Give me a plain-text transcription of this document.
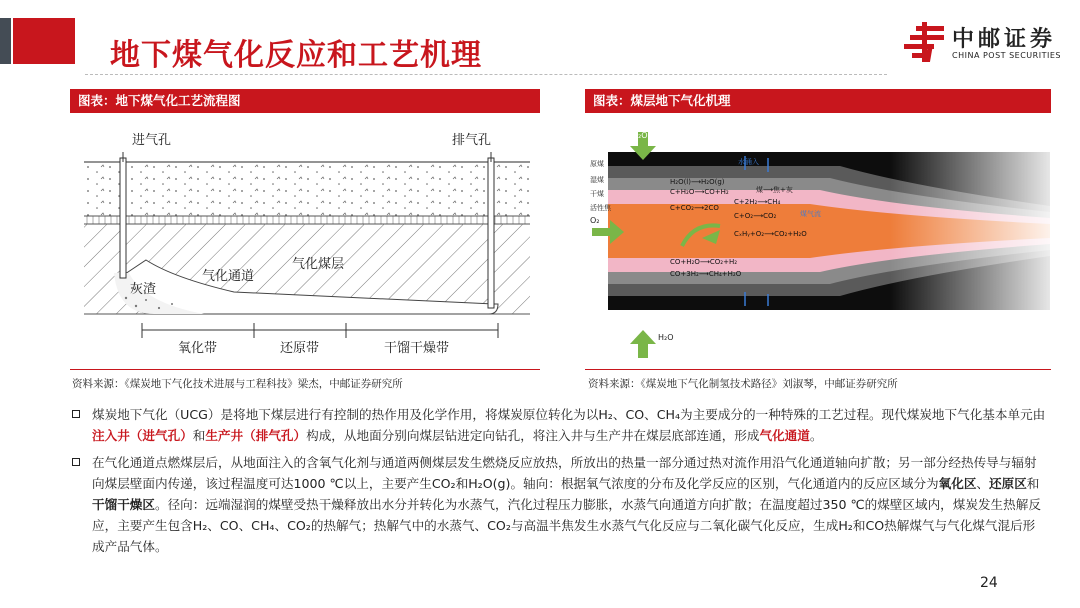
地下煤气化反应和工艺机理	中邮证券
CHINA POST SECURITIES
图表：地下煤气化工艺流程图
进气孔	排气孔
灰渣
气化通道
气化煤层
氧化带	还原带	干馏干燥带
资料来源：《煤炭地下气化技术进展与工程科技》梁杰，中邮证券研究所
图表：煤层地下气化机理
H₂O
H₂O
O₂
原煤
湿煤
干煤
活性焦
水涌入
煤气流
H₂O(l)⟶H₂O(g)
C+H₂O⟶CO+H₂
C+CO₂⟶2CO
C+2H₂⟶CH₄
C+O₂⟶CO₂
CₓHᵧ+O₂⟶CO₂+H₂O
CO+H₂O⟶CO₂+H₂
CO+3H₂⟶CH₄+H₂O
煤⟶焦+灰
资料来源：《煤炭地下气化制氢技术路径》刘淑琴，中邮证券研究所
煤炭地下气化（UCG）是将地下煤层进行有控制的热作用及化学作用，将煤炭原位转化为以H₂、CO、CH₄为主要成分的一种特殊的工艺过程。现代煤炭地下气化基本单元由注入井（进气孔）和生产井（排气孔）构成，从地面分别向煤层钻进定向钻孔，将注入井与生产井在煤层底部连通，形成气化通道。
在气化通道点燃煤层后，从地面注入的含氧气化剂与通道两侧煤层发生燃烧反应放热，所放出的热量一部分通过热对流作用沿气化通道轴向扩散；另一部分经热传导与辐射向煤层壁面内传递，该过程温度可达1000 ℃以上，主要产生CO₂和H₂O(g)。轴向：根据氧气浓度的分布及化学反应的区别，气化通道内的反应区域分为氧化区、还原区和干馏干燥区。径向：远端湿润的煤壁受热干燥释放出水分并转化为水蒸气，汽化过程压力膨胀，水蒸气向通道方向扩散；在温度超过350 ℃的煤壁区域内，煤炭发生热解反应，主要产生包含H₂、CO、CH₄、CO₂的热解气；热解气中的水蒸气、CO₂与高温半焦发生水蒸气气化反应与二氧化碳气化反应，生成H₂和CO热解煤气与气化煤气混后形成产品气体。
24
